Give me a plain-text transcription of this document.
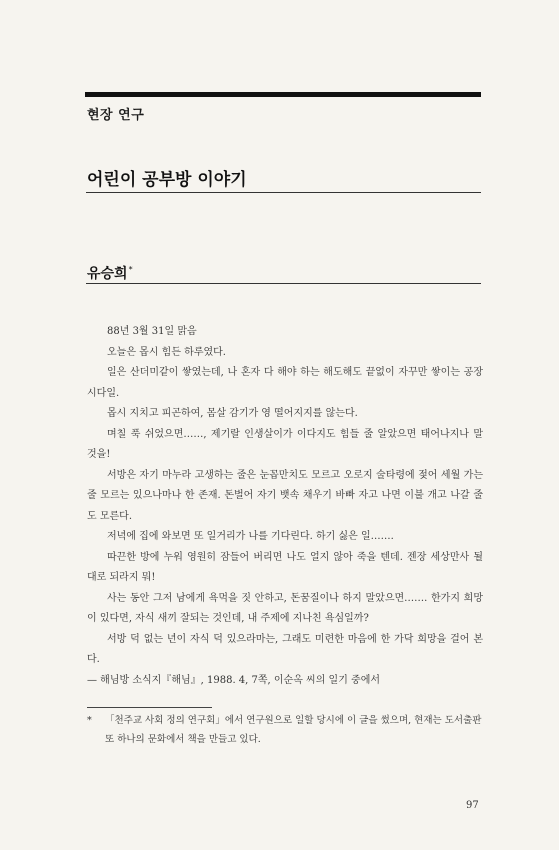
현장 연구
어린이 공부방 이야기
유승희*

88년 3월 31일 맑음

오늘은 몹시 힘든 하루였다.

일은 산더미같이 쌓였는데, 나 혼자 다 해야 하는 해도해도 끝없이 자꾸만 쌓이는 공장 시다일.

몹시 지치고 피곤하여, 몸살 감기가 영 떨어지지를 않는다.

며칠 푹 쉬었으면……, 제기랄 인생살이가 이다지도 힘들 줄 알았으면 태어나지나 말 것을!

서방은 자기 마누라 고생하는 줄은 눈꼽만치도 모르고 오로지 술타령에 젖어 세월 가는 줄 모르는 있으나마나 한 존재. 돈벌어 자기 뱃속 채우기 바빠 자고 나면 이불 개고 나갈 줄도 모른다.

저녁에 집에 와보면 또 일거리가 나를 기다린다. 하기 싫은 일…….

따끈한 방에 누워 영원히 잠들어 버리면 나도 얼지 않아 죽을 텐데. 젠장 세상만사 될 대로 되라지 뭐!

사는 동안 그저 남에게 욕먹을 짓 안하고, 돈꿈질이나 하지 말았으면……. 한가지 희망이 있다면, 자식 새끼 잘되는 것인데, 내 주제에 지나친 욕심일까?

서방 덕 없는 년이 자식 덕 있으라마는, 그래도 미련한 마음에 한 가닥 희망을 걸어 본다.

— 해님방 소식지『해님』, 1988. 4, 7쪽, 이순옥 씨의 일기 중에서

*	「천주교 사회 정의 연구회」에서 연구원으로 일할 당시에 이 글을 썼으며, 현재는 도서출판 또 하나의 문화에서 책을 만들고 있다.
97
